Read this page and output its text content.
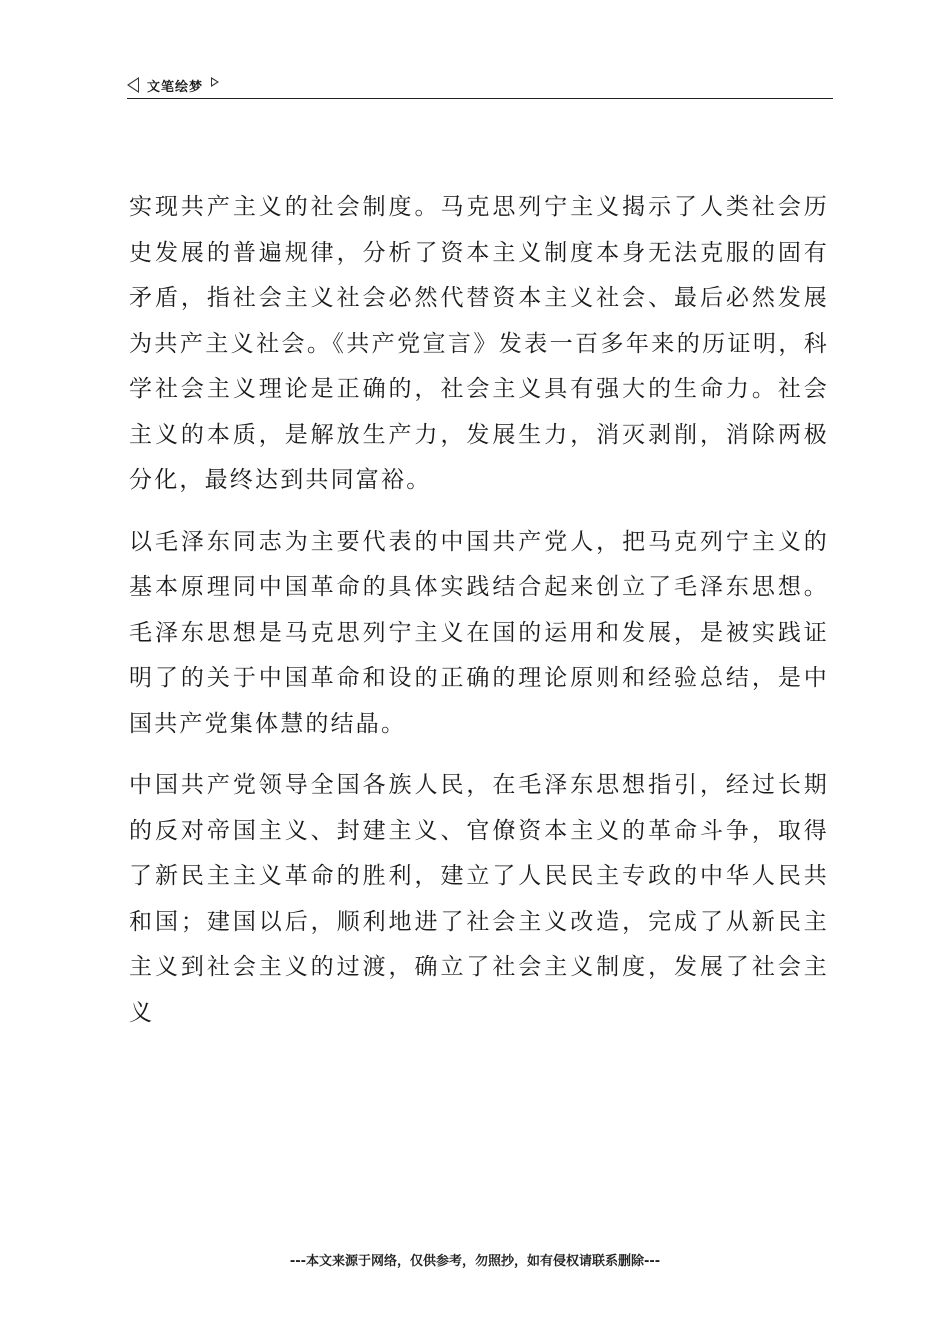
文笔绘梦

实现共产主义的社会制度。马克思列宁主义揭示了人类社会历史发展的普遍规律，分析了资本主义制度本身无法克服的固有矛盾，指社会主义社会必然代替资本主义社会、最后必然发展为共产主义社会。《共产党宣言》发表一百多年来的历证明，科学社会主义理论是正确的，社会主义具有强大的生命力。社会主义的本质，是解放生产力，发展生力，消灭剥削，消除两极分化，最终达到共同富裕。

以毛泽东同志为主要代表的中国共产党人，把马克列宁主义的基本原理同中国革命的具体实践结合起来创立了毛泽东思想。毛泽东思想是马克思列宁主义在国的运用和发展，是被实践证明了的关于中国革命和设的正确的理论原则和经验总结，是中国共产党集体慧的结晶。

中国共产党领导全国各族人民，在毛泽东思想指引，经过长期的反对帝国主义、封建主义、官僚资本主义的革命斗争，取得了新民主主义革命的胜利，建立了人民民主专政的中华人民共和国；建国以后，顺利地进了社会主义改造，完成了从新民主主义到社会主义的过渡，确立了社会主义制度，发展了社会主义

---本文来源于网络，仅供参考，勿照抄，如有侵权请联系删除---
